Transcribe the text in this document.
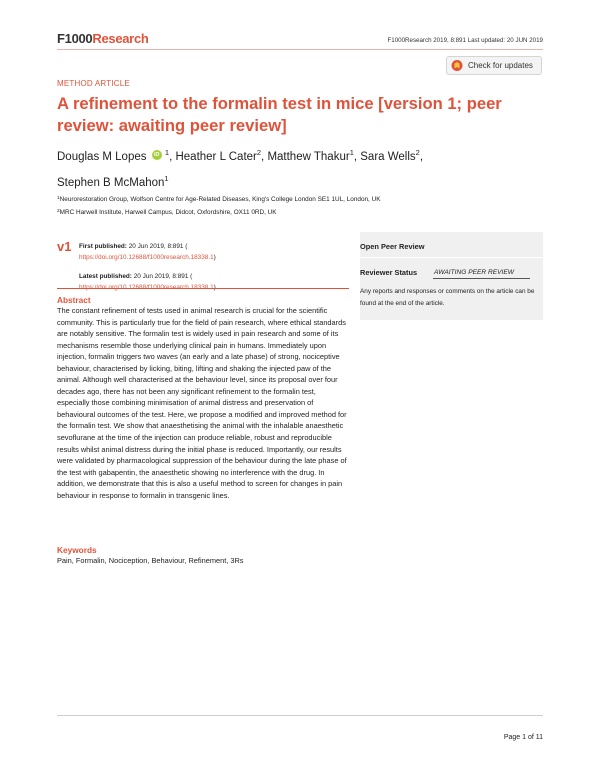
F1000Research	F1000Research 2019, 8:891 Last updated: 20 JUN 2019
Check for updates
METHOD ARTICLE
A refinement to the formalin test in mice [version 1; peer review: awaiting peer review]
Douglas M Lopes iD $^1$, Heather L Cater$^2$, Matthew Thakur$^1$, Sara Wells$^2$,
Stephen B McMahon$^1$
$^1$Neurorestoration Group, Wolfson Centre for Age-Related Diseases, King's College London SE1 1UL, London, UK
$^2$MRC Harwell Institute, Harwell Campus, Didcot, Oxfordshire, OX11 0RD, UK
v1 First published: 20 Jun 2019, 8:891 (
https://doi.org/10.12688/f1000research.18338.1)
Latest published: 20 Jun 2019, 8:891 (

Abstract

The constant refinement of tests used in animal research is crucial for the scientific community. This is particularly true for the field of pain research, where ethical standards are notably sensitive. The formalin test is widely used in pain research and some of its mechanisms resemble those underlying clinical pain in humans. Immediately upon injection, formalin triggers two waves (an early and a late phase) of strong, nociceptive behaviour, characterised by licking, biting, lifting and shaking the injected paw of the animal. Although well characterised at the behaviour level, since its proposal over four decades ago, there has not been any significant refinement to the formalin test, especially those combining minimisation of animal distress and preservation of behavioural outcomes of the test. Here, we propose a modified and improved method for the formalin test. We show that anaesthetising the animal with the inhalable anaesthetic sevoflurane at the time of the injection can produce reliable, robust and reproducible results whilst animal distress during the initial phase is reduced. Importantly, our results were validated by pharmacological suppression of the behaviour during the late phase of the test with gabapentin, the anaesthetic showing no interference with the drug. In addition, we demonstrate that this is also a useful method to screen for changes in pain behaviour in response to formalin in transgenic lines.

Keywords
Pain, Formalin, Nociception, Behaviour, Refinement, 3Rs
Open Peer Review
Reviewer Status	AWAITING PEER REVIEW
Any reports and responses or comments on the article can be found at the end of the article.
Page 1 of 11
